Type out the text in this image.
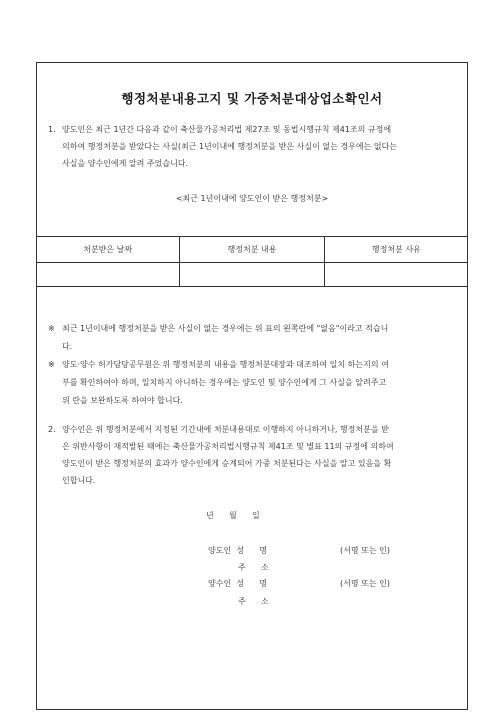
행정처분내용고지 및 가중처분대상업소확인서
1. 양도인은 최근 1년간 다음과 같이 축산물가공처리법 제27조 및 동법시행규칙 제41조의 규정에
의하여 행정처분을 받았다는 사실(최근 1년이내에 행정처분을 받은 사실이 없는 경우에는 없다는
사실을 양수인에게 알려 주었습니다.
<최근 1년이내에 양도인이 받은 행정처분>
처분받은 날짜	행정처분 내용	행정처분 사유
※ 최근 1년이내에 행정처분을 받은 사실이 없는 경우에는 위 표의 왼쪽란에 "없음"이라고 적습니
다.
※ 양도·양수 허가담당공무원은 위 행정처분의 내용을 행정처분대장과 대조하여 일치 하는지의 여
부를 확인하여야 하며, 일치하지 아니하는 경우에는 양도인 및 양수인에게 그 사실을 알려주고
위 란을 보완하도록 하여야 합니다.
2. 양수인은 위 행정처분에서 지정된 기간내에 처분내용대로 이행하지 아니하거나, 행정처분을 받
은 위반사항이 재적발된 때에는 축산물가공처리법시행규칙 제41조 및 별표 11의 규정에 의하여
양도인이 받은 행정처분의 효과가 양수인에게 승계되어 가중 처분된다는 사실을 알고 있음을 확
인합니다.
년      월      일
양도인  성      명	(서명 또는 인)
주      소
양수인  성      명	(서명 또는 인)
주      소
